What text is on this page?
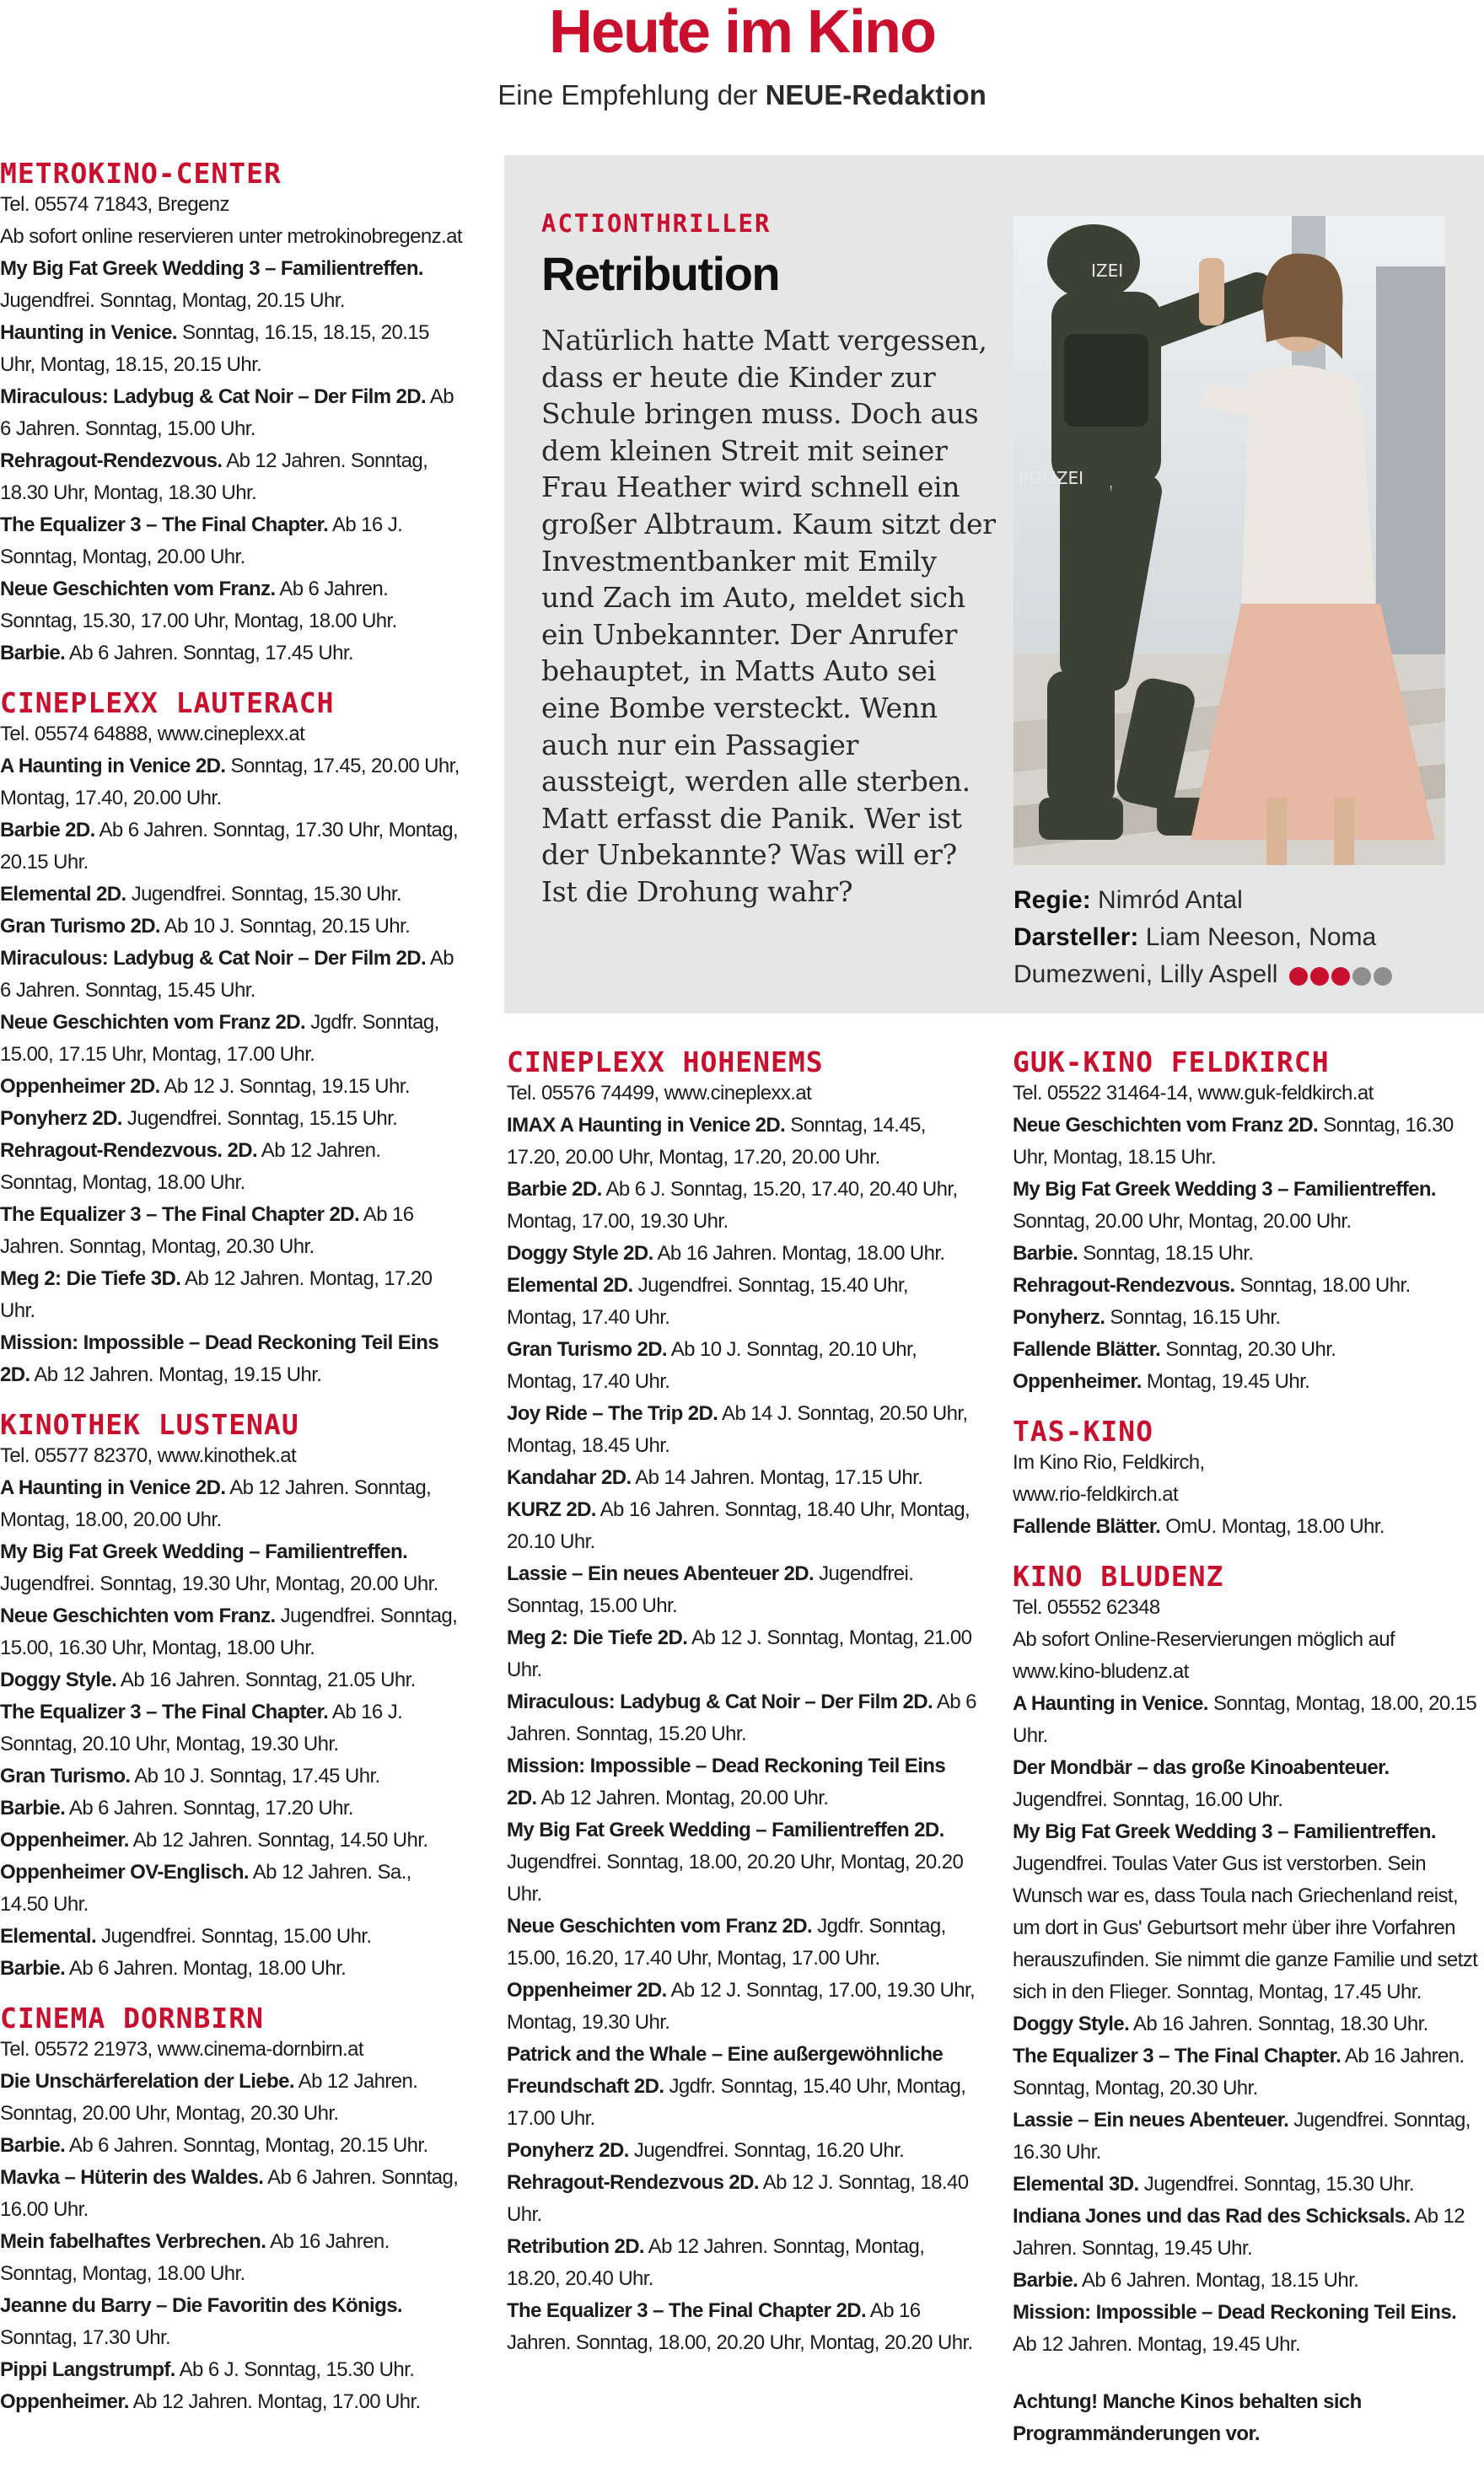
Heute im Kino
Eine Empfehlung der NEUE-Redaktion
METROKINO-CENTER
Tel. 05574 71843, Bregenz
Ab sofort online reservieren unter metrokinobregenz.at
My Big Fat Greek Wedding 3 – Familientreffen. Jugendfrei. Sonntag, Montag, 20.15 Uhr.
Haunting in Venice. Sonntag, 16.15, 18.15, 20.15 Uhr, Montag, 18.15, 20.15 Uhr.
Miraculous: Ladybug & Cat Noir – Der Film 2D. Ab 6 Jahren. Sonntag, 15.00 Uhr.
Rehragout-Rendezvous. Ab 12 Jahren. Sonntag, 18.30 Uhr, Montag, 18.30 Uhr.
The Equalizer 3 – The Final Chapter. Ab 16 J. Sonntag, Montag, 20.00 Uhr.
Neue Geschichten vom Franz. Ab 6 Jahren. Sonntag, 15.30, 17.00 Uhr, Montag, 18.00 Uhr.
Barbie. Ab 6 Jahren. Sonntag, 17.45 Uhr.
CINEPLEXX LAUTERACH
Tel. 05574 64888, www.cineplexx.at
A Haunting in Venice 2D. Sonntag, 17.45, 20.00 Uhr, Montag, 17.40, 20.00 Uhr.
Barbie 2D. Ab 6 Jahren. Sonntag, 17.30 Uhr, Montag, 20.15 Uhr.
Elemental 2D. Jugendfrei. Sonntag, 15.30 Uhr.
Gran Turismo 2D. Ab 10 J. Sonntag, 20.15 Uhr.
Miraculous: Ladybug & Cat Noir – Der Film 2D. Ab 6 Jahren. Sonntag, 15.45 Uhr.
Neue Geschichten vom Franz 2D. Jgdfr. Sonntag, 15.00, 17.15 Uhr, Montag, 17.00 Uhr.
Oppenheimer 2D. Ab 12 J. Sonntag, 19.15 Uhr.
Ponyherz 2D. Jugendfrei. Sonntag, 15.15 Uhr.
Rehragout-Rendezvous. 2D. Ab 12 Jahren. Sonntag, Montag, 18.00 Uhr.
The Equalizer 3 – The Final Chapter 2D. Ab 16 Jahren. Sonntag, Montag, 20.30 Uhr.
Meg 2: Die Tiefe 3D. Ab 12 Jahren. Montag, 17.20 Uhr.
Mission: Impossible – Dead Reckoning Teil Eins 2D. Ab 12 Jahren. Montag, 19.15 Uhr.
KINOTHEK LUSTENAU
Tel. 05577 82370, www.kinothek.at
A Haunting in Venice 2D. Ab 12 Jahren. Sonntag, Montag, 18.00, 20.00 Uhr.
My Big Fat Greek Wedding – Familientreffen. Jugendfrei. Sonntag, 19.30 Uhr, Montag, 20.00 Uhr.
Neue Geschichten vom Franz. Jugendfrei. Sonntag, 15.00, 16.30 Uhr, Montag, 18.00 Uhr.
Doggy Style. Ab 16 Jahren. Sonntag, 21.05 Uhr.
The Equalizer 3 – The Final Chapter. Ab 16 J. Sonntag, 20.10 Uhr, Montag, 19.30 Uhr.
Gran Turismo. Ab 10 J. Sonntag, 17.45 Uhr.
Barbie. Ab 6 Jahren. Sonntag, 17.20 Uhr.
Oppenheimer. Ab 12 Jahren. Sonntag, 14.50 Uhr.
Oppenheimer OV-Englisch. Ab 12 Jahren. Sa., 14.50 Uhr.
Elemental. Jugendfrei. Sonntag, 15.00 Uhr.
Barbie. Ab 6 Jahren. Montag, 18.00 Uhr.
CINEMA DORNBIRN
Tel. 05572 21973, www.cinema-dornbirn.at
Die Unschärferelation der Liebe. Ab 12 Jahren. Sonntag, 20.00 Uhr, Montag, 20.30 Uhr.
Barbie. Ab 6 Jahren. Sonntag, Montag, 20.15 Uhr.
Mavka – Hüterin des Waldes. Ab 6 Jahren. Sonntag, 16.00 Uhr.
Mein fabelhaftes Verbrechen. Ab 16 Jahren. Sonntag, Montag, 18.00 Uhr.
Jeanne du Barry – Die Favoritin des Königs. Sonntag, 17.30 Uhr.
Pippi Langstrumpf. Ab 6 J. Sonntag, 15.30 Uhr.
Oppenheimer. Ab 12 Jahren. Montag, 17.00 Uhr.
ACTIONTHRILLER
Retribution
Natürlich hatte Matt vergessen, dass er heute die Kinder zur Schule bringen muss. Doch aus dem kleinen Streit mit seiner Frau Heather wird schnell ein großer Albtraum. Kaum sitzt der Investmentbanker mit Emily und Zach im Auto, meldet sich ein Unbekannter. Der Anrufer behauptet, in Matts Auto sei eine Bombe versteckt. Wenn auch nur ein Passagier aussteigt, werden alle sterben. Matt erfasst die Panik. Wer ist der Unbekannte? Was will er? Ist die Drohung wahr?
IZEI
POLIZEI
Regie: Nimród Antal
Darsteller: Liam Neeson, Noma Dumezweni, Lilly Aspell
CINEPLEXX HOHENEMS
Tel. 05576 74499, www.cineplexx.at
IMAX A Haunting in Venice 2D. Sonntag, 14.45, 17.20, 20.00 Uhr, Montag, 17.20, 20.00 Uhr.
Barbie 2D. Ab 6 J. Sonntag, 15.20, 17.40, 20.40 Uhr, Montag, 17.00, 19.30 Uhr.
Doggy Style 2D. Ab 16 Jahren. Montag, 18.00 Uhr.
Elemental 2D. Jugendfrei. Sonntag, 15.40 Uhr, Montag, 17.40 Uhr.
Gran Turismo 2D. Ab 10 J. Sonntag, 20.10 Uhr, Montag, 17.40 Uhr.
Joy Ride – The Trip 2D. Ab 14 J. Sonntag, 20.50 Uhr, Montag, 18.45 Uhr.
Kandahar 2D. Ab 14 Jahren. Montag, 17.15 Uhr.
KURZ 2D. Ab 16 Jahren. Sonntag, 18.40 Uhr, Montag, 20.10 Uhr.
Lassie – Ein neues Abenteuer 2D. Jugendfrei. Sonntag, 15.00 Uhr.
Meg 2: Die Tiefe 2D. Ab 12 J. Sonntag, Montag, 21.00 Uhr.
Miraculous: Ladybug & Cat Noir – Der Film 2D. Ab 6 Jahren. Sonntag, 15.20 Uhr.
Mission: Impossible – Dead Reckoning Teil Eins 2D. Ab 12 Jahren. Montag, 20.00 Uhr.
My Big Fat Greek Wedding – Familientreffen 2D. Jugendfrei. Sonntag, 18.00, 20.20 Uhr, Montag, 20.20 Uhr.
Neue Geschichten vom Franz 2D. Jgdfr. Sonntag, 15.00, 16.20, 17.40 Uhr, Montag, 17.00 Uhr.
Oppenheimer 2D. Ab 12 J. Sonntag, 17.00, 19.30 Uhr, Montag, 19.30 Uhr.
Patrick and the Whale – Eine außergewöhnliche Freundschaft 2D. Jgdfr. Sonntag, 15.40 Uhr, Montag, 17.00 Uhr.
Ponyherz 2D. Jugendfrei. Sonntag, 16.20 Uhr.
Rehragout-Rendezvous 2D. Ab 12 J. Sonntag, 18.40 Uhr.
Retribution 2D. Ab 12 Jahren. Sonntag, Montag, 18.20, 20.40 Uhr.
The Equalizer 3 – The Final Chapter 2D. Ab 16 Jahren. Sonntag, 18.00, 20.20 Uhr, Montag, 20.20 Uhr.
GUK-KINO FELDKIRCH
Tel. 05522 31464-14, www.guk-feldkirch.at
Neue Geschichten vom Franz 2D. Sonntag, 16.30 Uhr, Montag, 18.15 Uhr.
My Big Fat Greek Wedding 3 – Familientreffen. Sonntag, 20.00 Uhr, Montag, 20.00 Uhr.
Barbie. Sonntag, 18.15 Uhr.
Rehragout-Rendezvous. Sonntag, 18.00 Uhr.
Ponyherz. Sonntag, 16.15 Uhr.
Fallende Blätter. Sonntag, 20.30 Uhr.
Oppenheimer. Montag, 19.45 Uhr.
TAS-KINO
Im Kino Rio, Feldkirch,
www.rio-feldkirch.at
Fallende Blätter. OmU. Montag, 18.00 Uhr.
KINO BLUDENZ
Tel. 05552 62348
Ab sofort Online-Reservierungen möglich auf www.kino-bludenz.at
A Haunting in Venice. Sonntag, Montag, 18.00, 20.15 Uhr.
Der Mondbär – das große Kinoabenteuer. Jugendfrei. Sonntag, 16.00 Uhr.
My Big Fat Greek Wedding 3 – Familientreffen. Jugendfrei. Toulas Vater Gus ist verstorben. Sein Wunsch war es, dass Toula nach Griechenland reist, um dort in Gus' Geburtsort mehr über ihre Vorfahren herauszufinden. Sie nimmt die ganze Familie und setzt sich in den Flieger. Sonntag, Montag, 17.45 Uhr.
Doggy Style. Ab 16 Jahren. Sonntag, 18.30 Uhr.
The Equalizer 3 – The Final Chapter. Ab 16 Jahren. Sonntag, Montag, 20.30 Uhr.
Lassie – Ein neues Abenteuer. Jugendfrei. Sonntag, 16.30 Uhr.
Elemental 3D. Jugendfrei. Sonntag, 15.30 Uhr.
Indiana Jones und das Rad des Schicksals. Ab 12 Jahren. Sonntag, 19.45 Uhr.
Barbie. Ab 6 Jahren. Montag, 18.15 Uhr.
Mission: Impossible – Dead Reckoning Teil Eins. Ab 12 Jahren. Montag, 19.45 Uhr.
Achtung! Manche Kinos behalten sich
Programmänderungen vor.
